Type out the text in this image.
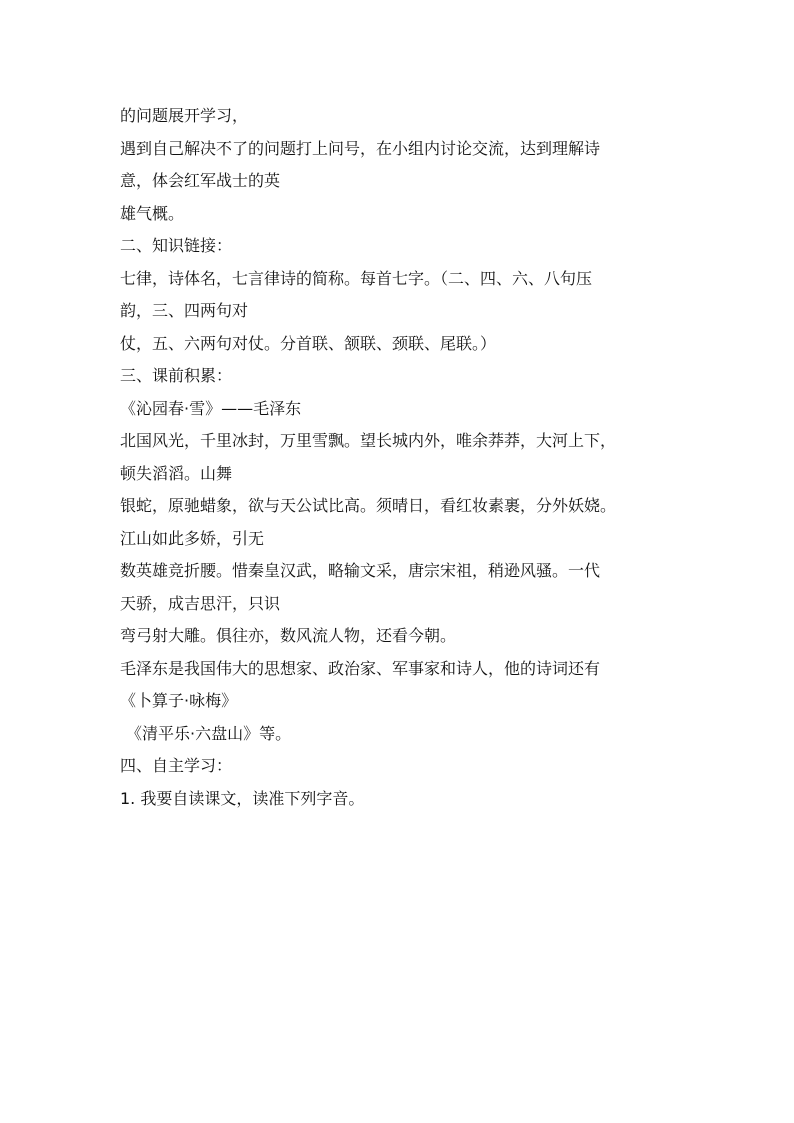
的问题展开学习，
遇到自己解决不了的问题打上问号，在小组内讨论交流，达到理解诗
意，体会红军战士的英
雄气概。
二、知识链接：
七律，诗体名，七言律诗的简称。每首七字。（二、四、六、八句压
韵，三、四两句对
仗，五、六两句对仗。分首联、颔联、颈联、尾联。）
三、课前积累：
《沁园春·雪》——毛泽东
北国风光，千里冰封，万里雪飘。望长城内外，唯余莽莽，大河上下，
顿失滔滔。山舞
银蛇，原驰蜡象，欲与天公试比高。须晴日，看红妆素裹，分外妖娆。
江山如此多娇，引无
数英雄竞折腰。惜秦皇汉武，略输文采，唐宗宋祖，稍逊风骚。一代
天骄，成吉思汗，只识
弯弓射大雕。俱往亦，数风流人物，还看今朝。
毛泽东是我国伟大的思想家、政治家、军事家和诗人，他的诗词还有
《卜算子·咏梅》
《清平乐·六盘山》等。
四、自主学习：
1. 我要自读课文，读准下列字音。
